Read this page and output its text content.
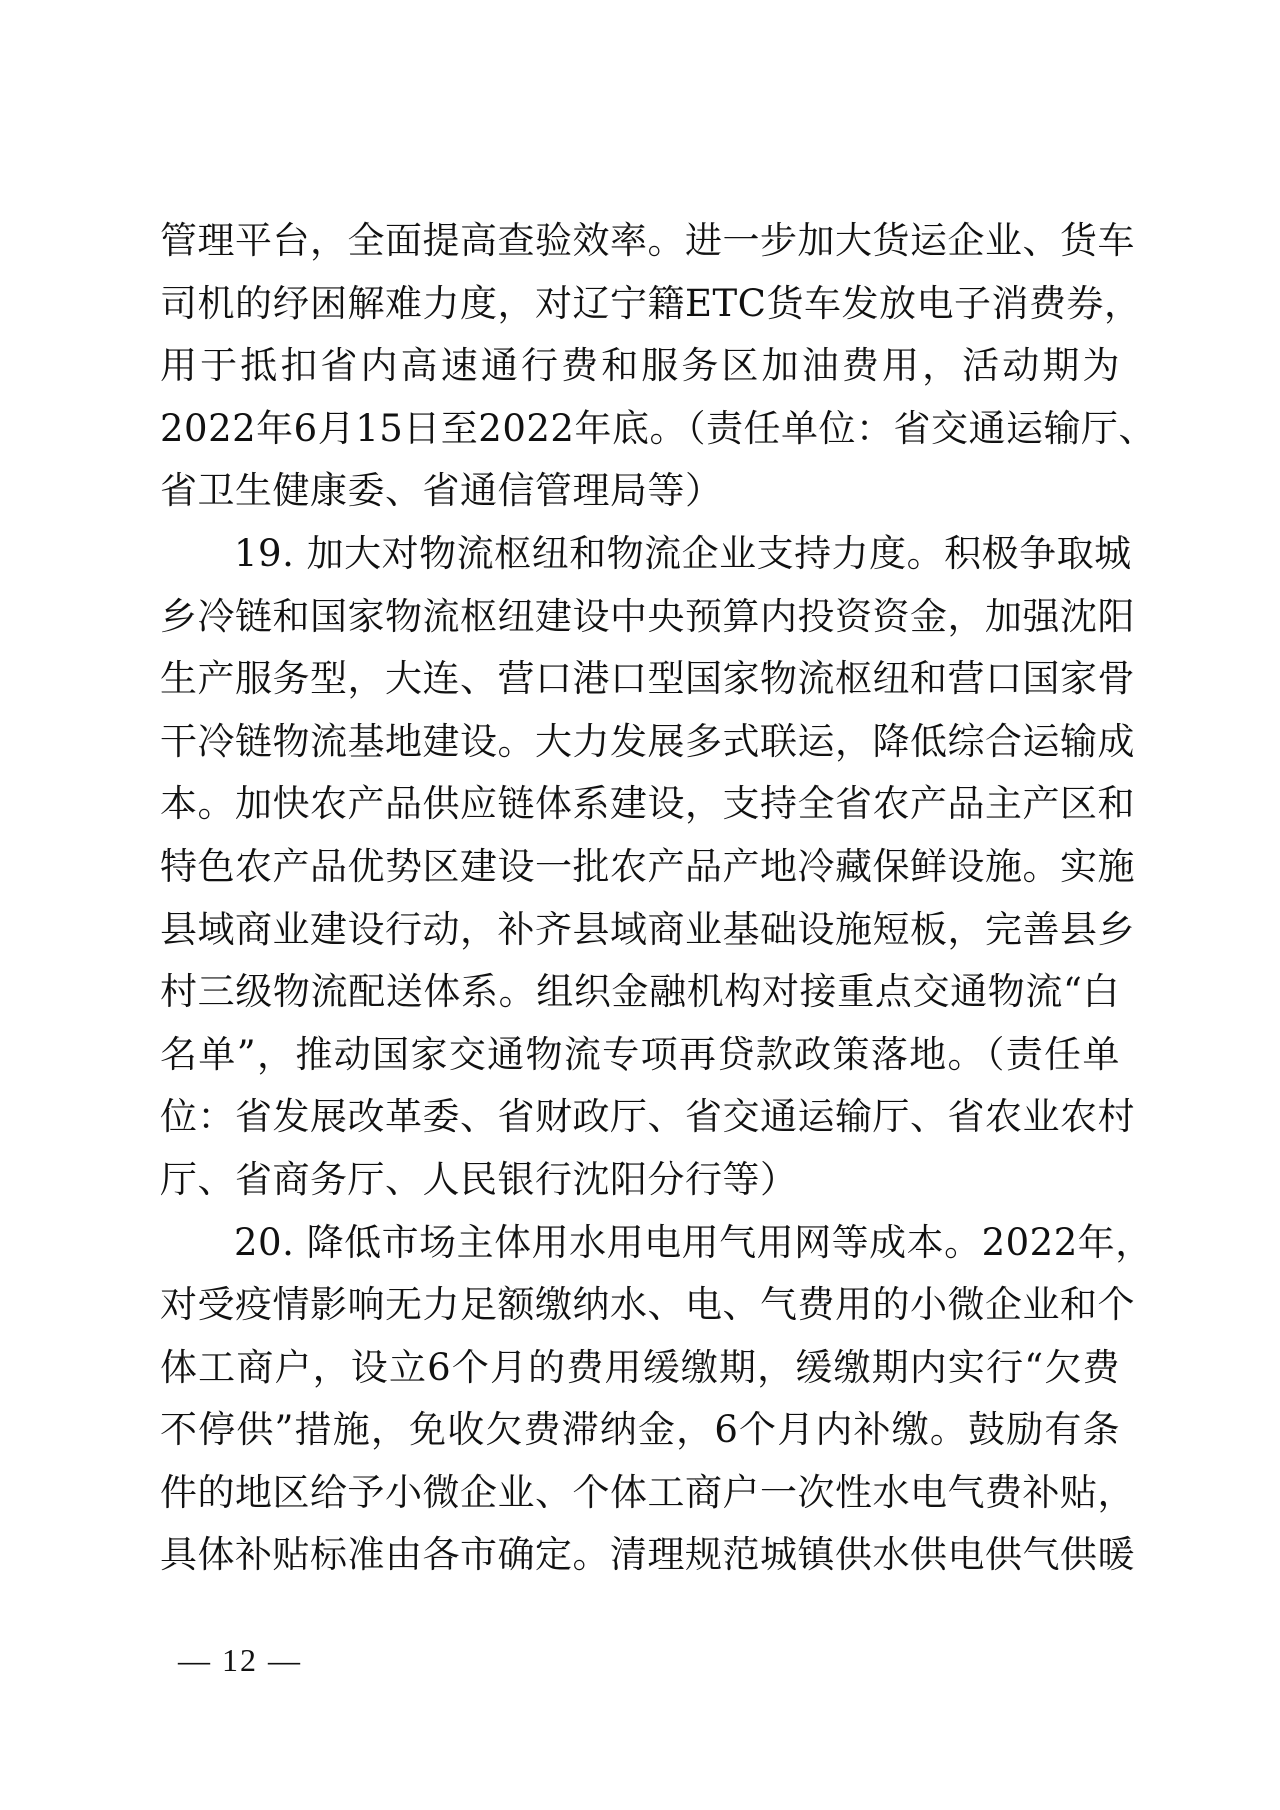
管理平台，全面提高查验效率。进一步加大货运企业、货车
司机的纾困解难力度，对辽宁籍ETC货车发放电子消费券，
用于抵扣省内高速通行费和服务区加油费用，活动期为
2022年6月15日至2022年底。（责任单位：省交通运输厅、
省卫生健康委、省通信管理局等）
19. 加大对物流枢纽和物流企业支持力度。积极争取城
乡冷链和国家物流枢纽建设中央预算内投资资金，加强沈阳
生产服务型，大连、营口港口型国家物流枢纽和营口国家骨
干冷链物流基地建设。大力发展多式联运，降低综合运输成
本。加快农产品供应链体系建设，支持全省农产品主产区和
特色农产品优势区建设一批农产品产地冷藏保鲜设施。实施
县域商业建设行动，补齐县域商业基础设施短板，完善县乡
村三级物流配送体系。组织金融机构对接重点交通物流“白
名单”，推动国家交通物流专项再贷款政策落地。（责任单
位：省发展改革委、省财政厅、省交通运输厅、省农业农村
厅、省商务厅、人民银行沈阳分行等）
20. 降低市场主体用水用电用气用网等成本。2022年，
对受疫情影响无力足额缴纳水、电、气费用的小微企业和个
体工商户，设立6个月的费用缓缴期，缓缴期内实行“欠费
不停供”措施，免收欠费滞纳金，6个月内补缴。鼓励有条
件的地区给予小微企业、个体工商户一次性水电气费补贴，
具体补贴标准由各市确定。清理规范城镇供水供电供气供暖
— 12 —
